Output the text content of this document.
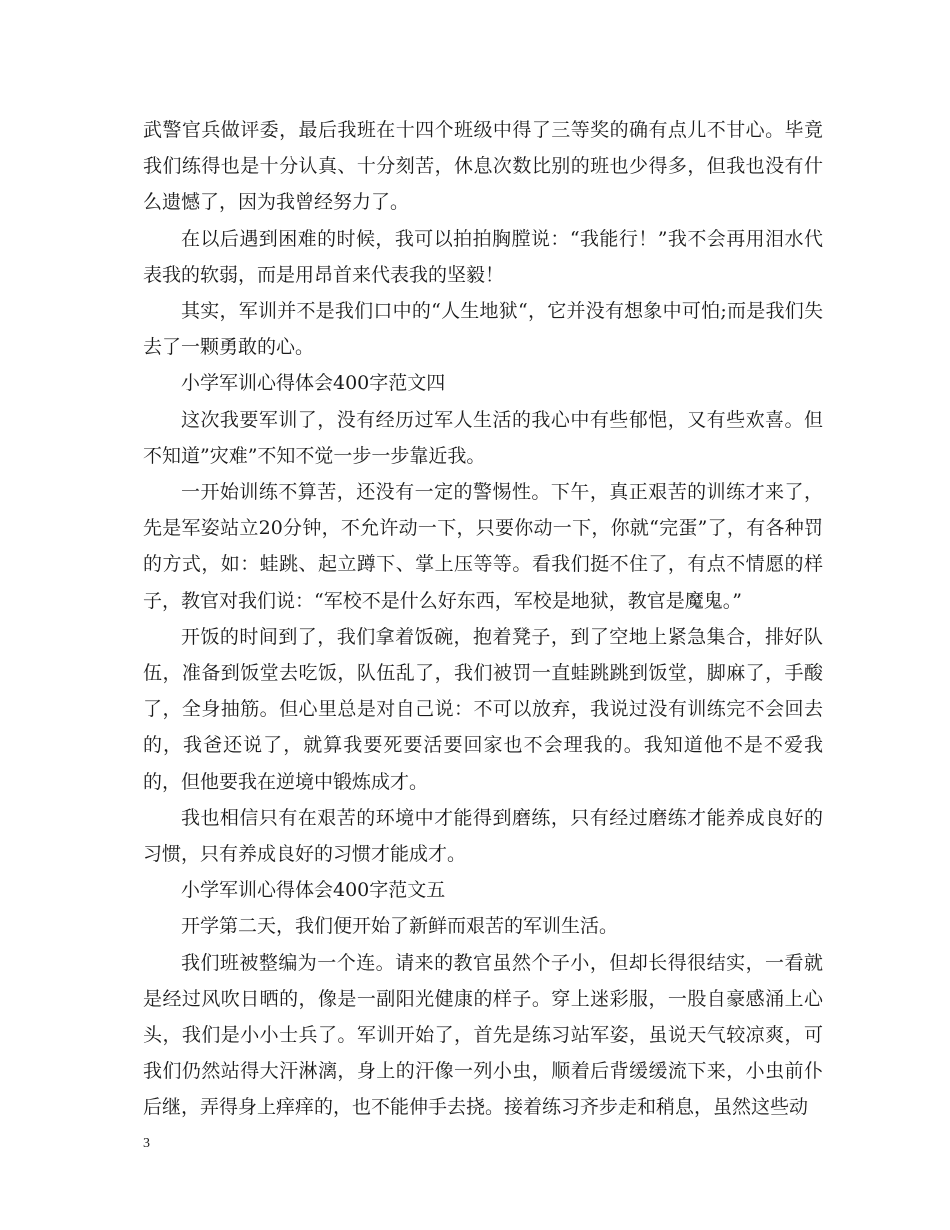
武警官兵做评委，最后我班在十四个班级中得了三等奖的确有点儿不甘心。毕竟我们练得也是十分认真、十分刻苦，休息次数比别的班也少得多，但我也没有什么遗憾了，因为我曾经努力了。

在以后遇到困难的时候，我可以拍拍胸膛说：“我能行！”我不会再用泪水代表我的软弱，而是用昂首来代表我的坚毅！

其实，军训并不是我们口中的“人生地狱“，它并没有想象中可怕;而是我们失去了一颗勇敢的心。

小学军训心得体会400字范文四

这次我要军训了，没有经历过军人生活的我心中有些郁悒，又有些欢喜。但不知道”灾难”不知不觉一步一步靠近我。

一开始训练不算苦，还没有一定的警惕性。下午，真正艰苦的训练才来了，先是军姿站立20分钟，不允许动一下，只要你动一下，你就“完蛋”了，有各种罚的方式，如：蛙跳、起立蹲下、掌上压等等。看我们挺不住了，有点不情愿的样子，教官对我们说：“军校不是什么好东西，军校是地狱，教官是魔鬼。”

开饭的时间到了，我们拿着饭碗，抱着凳子，到了空地上紧急集合，排好队伍，准备到饭堂去吃饭，队伍乱了，我们被罚一直蛙跳跳到饭堂，脚麻了，手酸了，全身抽筋。但心里总是对自己说：不可以放弃，我说过没有训练完不会回去的，我爸还说了，就算我要死要活要回家也不会理我的。我知道他不是不爱我的，但他要我在逆境中锻炼成才。

我也相信只有在艰苦的环境中才能得到磨练，只有经过磨练才能养成良好的习惯，只有养成良好的习惯才能成才。

小学军训心得体会400字范文五

开学第二天，我们便开始了新鲜而艰苦的军训生活。

我们班被整编为一个连。请来的教官虽然个子小，但却长得很结实，一看就是经过风吹日晒的，像是一副阳光健康的样子。穿上迷彩服，一股自豪感涌上心头，我们是小小士兵了。军训开始了，首先是练习站军姿，虽说天气较凉爽，可我们仍然站得大汗淋漓，身上的汗像一列小虫，顺着后背缓缓流下来，小虫前仆后继，弄得身上痒痒的，也不能伸手去挠。接着练习齐步走和稍息，虽然这些动

3
